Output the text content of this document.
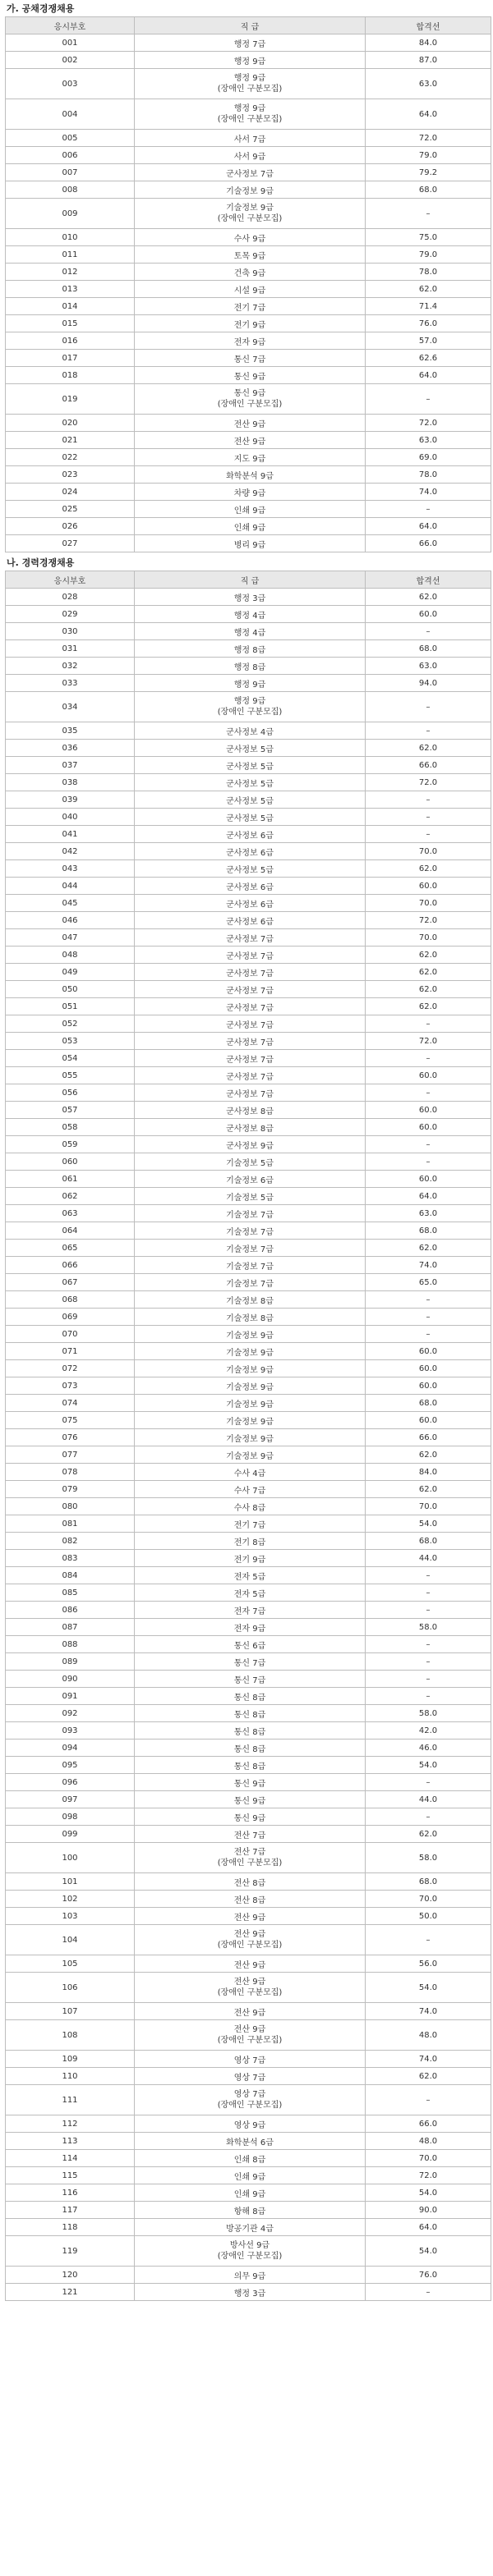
가. 공채경쟁채용
응시부호	직 급	합격선
001	행정 7급	84.0
002	행정 9급	87.0
003	행정 9급
(장애인 구분모집)	63.0
004	행정 9급
(장애인 구분모집)	64.0
005	사서 7급	72.0
006	사서 9급	79.0
007	군사정보 7급	79.2
008	기술정보 9급	68.0
009	기술정보 9급
(장애인 구분모집)	–
010	수사 9급	75.0
011	토목 9급	79.0
012	건축 9급	78.0
013	시설 9급	62.0
014	전기 7급	71.4
015	전기 9급	76.0
016	전자 9급	57.0
017	통신 7급	62.6
018	통신 9급	64.0
019	통신 9급
(장애인 구분모집)	–
020	전산 9급	72.0
021	전산 9급	63.0
022	지도 9급	69.0
023	화학분석 9급	78.0
024	차량 9급	74.0
025	인쇄 9급	–
026	인쇄 9급	64.0
027	병리 9급	66.0
나. 경력경쟁채용
응시부호	직 급	합격선
028	행정 3급	62.0
029	행정 4급	60.0
030	행정 4급	–
031	행정 8급	68.0
032	행정 8급	63.0
033	행정 9급	94.0
034	행정 9급
(장애인 구분모집)	–
035	군사정보 4급	–
036	군사정보 5급	62.0
037	군사정보 5급	66.0
038	군사정보 5급	72.0
039	군사정보 5급	–
040	군사정보 5급	–
041	군사정보 6급	–
042	군사정보 6급	70.0
043	군사정보 5급	62.0
044	군사정보 6급	60.0
045	군사정보 6급	70.0
046	군사정보 6급	72.0
047	군사정보 7급	70.0
048	군사정보 7급	62.0
049	군사정보 7급	62.0
050	군사정보 7급	62.0
051	군사정보 7급	62.0
052	군사정보 7급	–
053	군사정보 7급	72.0
054	군사정보 7급	–
055	군사정보 7급	60.0
056	군사정보 7급	–
057	군사정보 8급	60.0
058	군사정보 8급	60.0
059	군사정보 9급	–
060	기술정보 5급	–
061	기술정보 6급	60.0
062	기술정보 5급	64.0
063	기술정보 7급	63.0
064	기술정보 7급	68.0
065	기술정보 7급	62.0
066	기술정보 7급	74.0
067	기술정보 7급	65.0
068	기술정보 8급	–
069	기술정보 8급	–
070	기술정보 9급	–
071	기술정보 9급	60.0
072	기술정보 9급	60.0
073	기술정보 9급	60.0
074	기술정보 9급	68.0
075	기술정보 9급	60.0
076	기술정보 9급	66.0
077	기술정보 9급	62.0
078	수사 4급	84.0
079	수사 7급	62.0
080	수사 8급	70.0
081	전기 7급	54.0
082	전기 8급	68.0
083	전기 9급	44.0
084	전자 5급	–
085	전자 5급	–
086	전자 7급	–
087	전자 9급	58.0
088	통신 6급	–
089	통신 7급	–
090	통신 7급	–
091	통신 8급	–
092	통신 8급	58.0
093	통신 8급	42.0
094	통신 8급	46.0
095	통신 8급	54.0
096	통신 9급	–
097	통신 9급	44.0
098	통신 9급	–
099	전산 7급	62.0
100	전산 7급
(장애인 구분모집)	58.0
101	전산 8급	68.0
102	전산 8급	70.0
103	전산 9급	50.0
104	전산 9급
(장애인 구분모집)	–
105	전산 9급	56.0
106	전산 9급
(장애인 구분모집)	54.0
107	전산 9급	74.0
108	전산 9급
(장애인 구분모집)	48.0
109	영상 7급	74.0
110	영상 7급	62.0
111	영상 7급
(장애인 구분모집)	–
112	영상 9급	66.0
113	화학분석 6급	48.0
114	인쇄 8급	70.0
115	인쇄 9급	72.0
116	인쇄 9급	54.0
117	항해 8급	90.0
118	방공기관 4급	64.0
119	방사선 9급
(장애인 구분모집)	54.0
120	의무 9급	76.0
121	행정 3급	–
